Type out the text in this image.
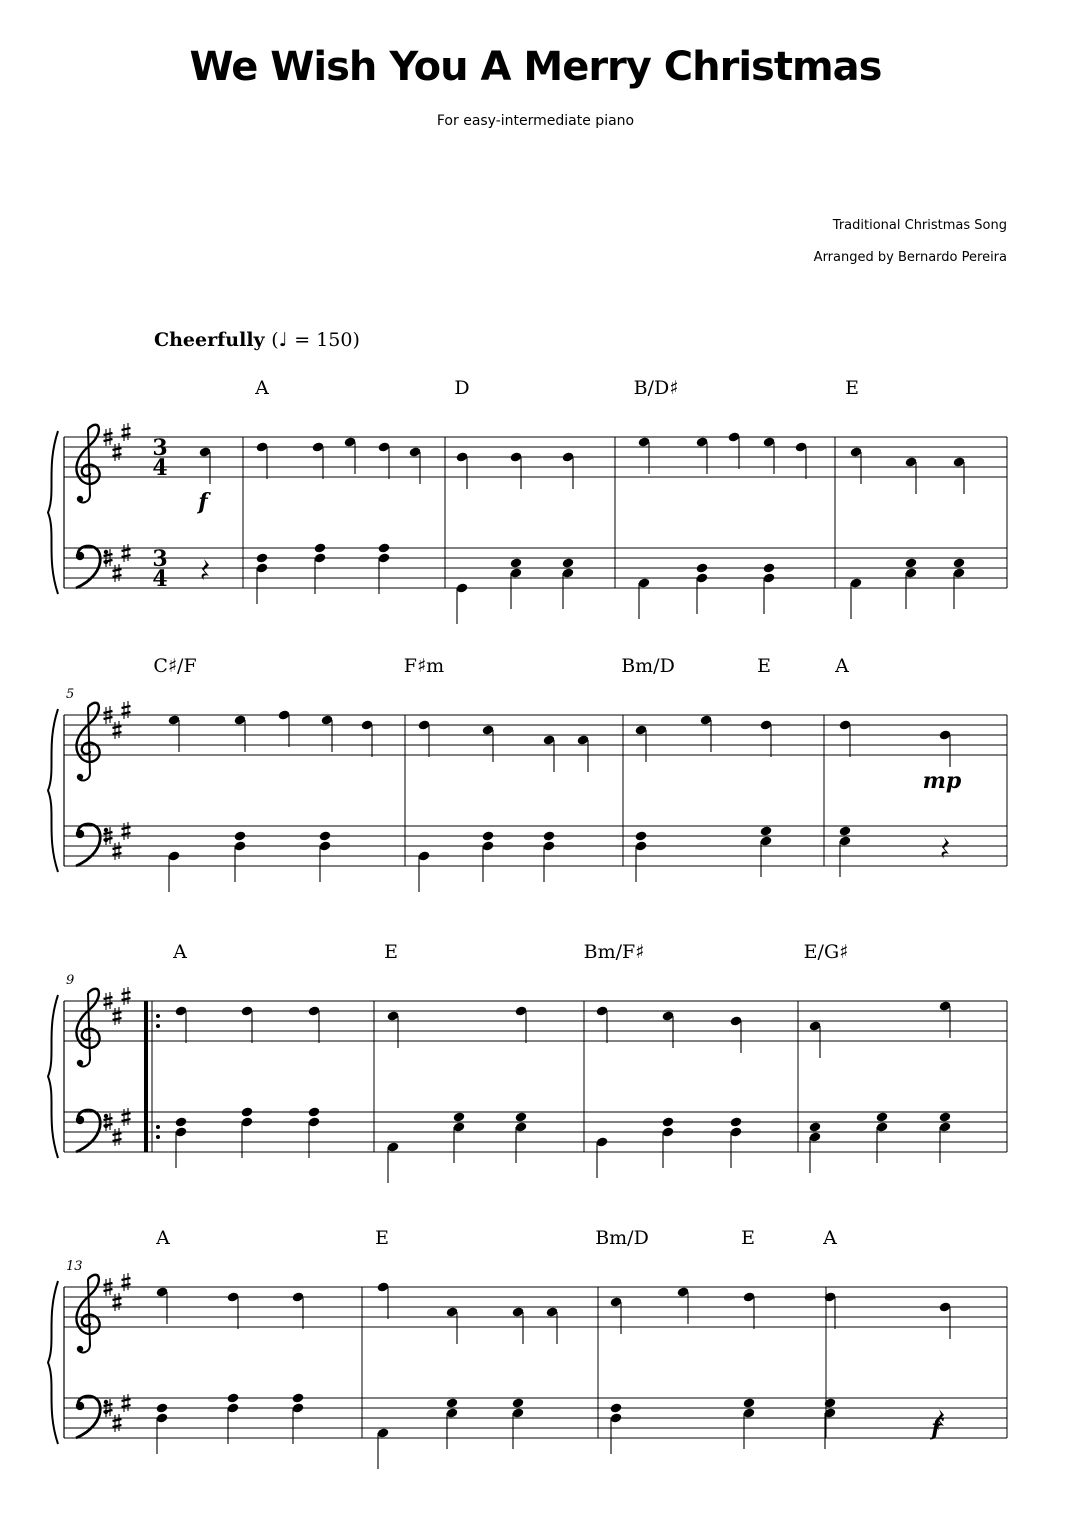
We Wish You A Merry Christmas
For easy-intermediate piano
Traditional Christmas Song
Arranged by Bernardo Pereira
Cheerfully (♩ = 150)
3
4
3
4
A	D	B/D♯	E
f
5
C♯/F	F♯m	Bm/D	E	A
mp
9
A	E	Bm/F♯	E/G♯
13
A	E	Bm/D	E	A
f
